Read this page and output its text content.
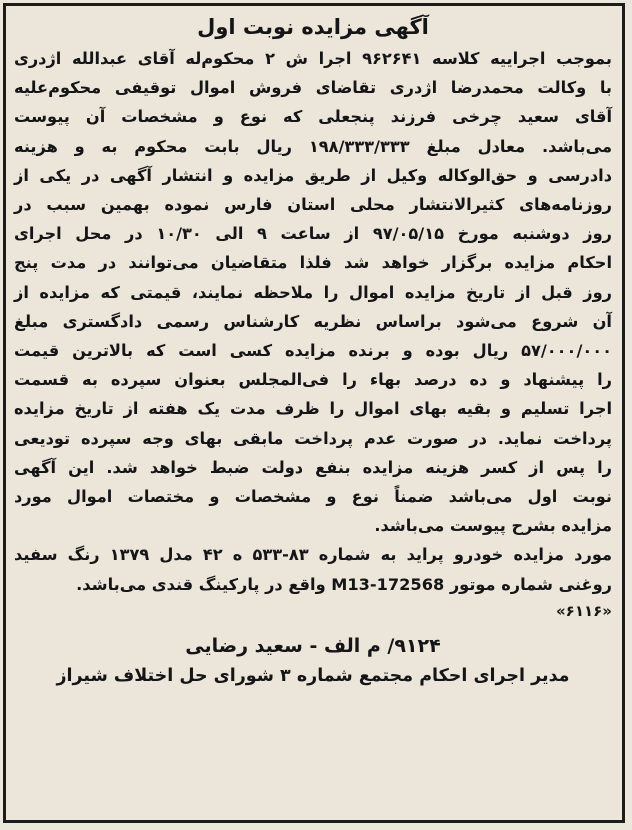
آگهی مزایده نوبت اول
بموجب اجراییه کلاسه ۹۶۲۶۴۱ اجرا ش ۲ محکوم‌له آقای عبدالله اژدری
با وکالت محمدرضا اژدری تقاضای فروش اموال توقیفی محکوم‌علیه
آقای سعید چرخی فرزند پنجعلی که نوع و مشخصات آن پیوست
می‌باشد. معادل مبلغ ۱۹۸/۳۳۳/۳۳۳ ریال بابت محکوم به و هزینه
دادرسی و حق‌الوکاله وکیل از طریق مزایده و انتشار آگهی در یکی از
روزنامه‌های کثیرالانتشار محلی استان فارس نموده بهمین سبب در
روز دوشنبه مورخ ۹۷/۰۵/۱۵ از ساعت ۹ الی ۱۰/۳۰ در محل اجرای
احکام مزایده برگزار خواهد شد فلذا متقاضیان می‌توانند در مدت پنج
روز قبل از تاریخ مزایده اموال را ملاحظه نمایند، قیمتی که مزایده از
آن شروع می‌شود براساس نظریه کارشناس رسمی دادگستری مبلغ
۵۷/۰۰۰/۰۰۰ ریال بوده و برنده مزایده کسی است که بالاترین قیمت
را پیشنهاد و ده درصد بهاء را فی‌المجلس بعنوان سپرده به قسمت
اجرا تسلیم و بقیه بهای اموال را ظرف مدت یک هفته از تاریخ مزایده
پرداخت نماید. در صورت عدم پرداخت مابقی بهای وجه سپرده تودیعی
را پس از کسر هزینه مزایده بنفع دولت ضبط خواهد شد. این آگهی
نوبت اول می‌باشد ضمناً نوع و مشخصات و مختصات اموال مورد
مزایده بشرح پیوست می‌باشد.
مورد مزایده خودرو پراید به شماره ۸۳-۵۳۳ ه ۴۲ مدل ۱۳۷۹ رنگ سفید
روغنی شماره موتور M13-172568 واقع در پارکینگ قندی می‌باشد.
«۶۱۱۶»
۹۱۲۴/ م الف - سعید رضایی
مدیر اجرای احکام مجتمع شماره ۳ شورای حل اختلاف شیراز
